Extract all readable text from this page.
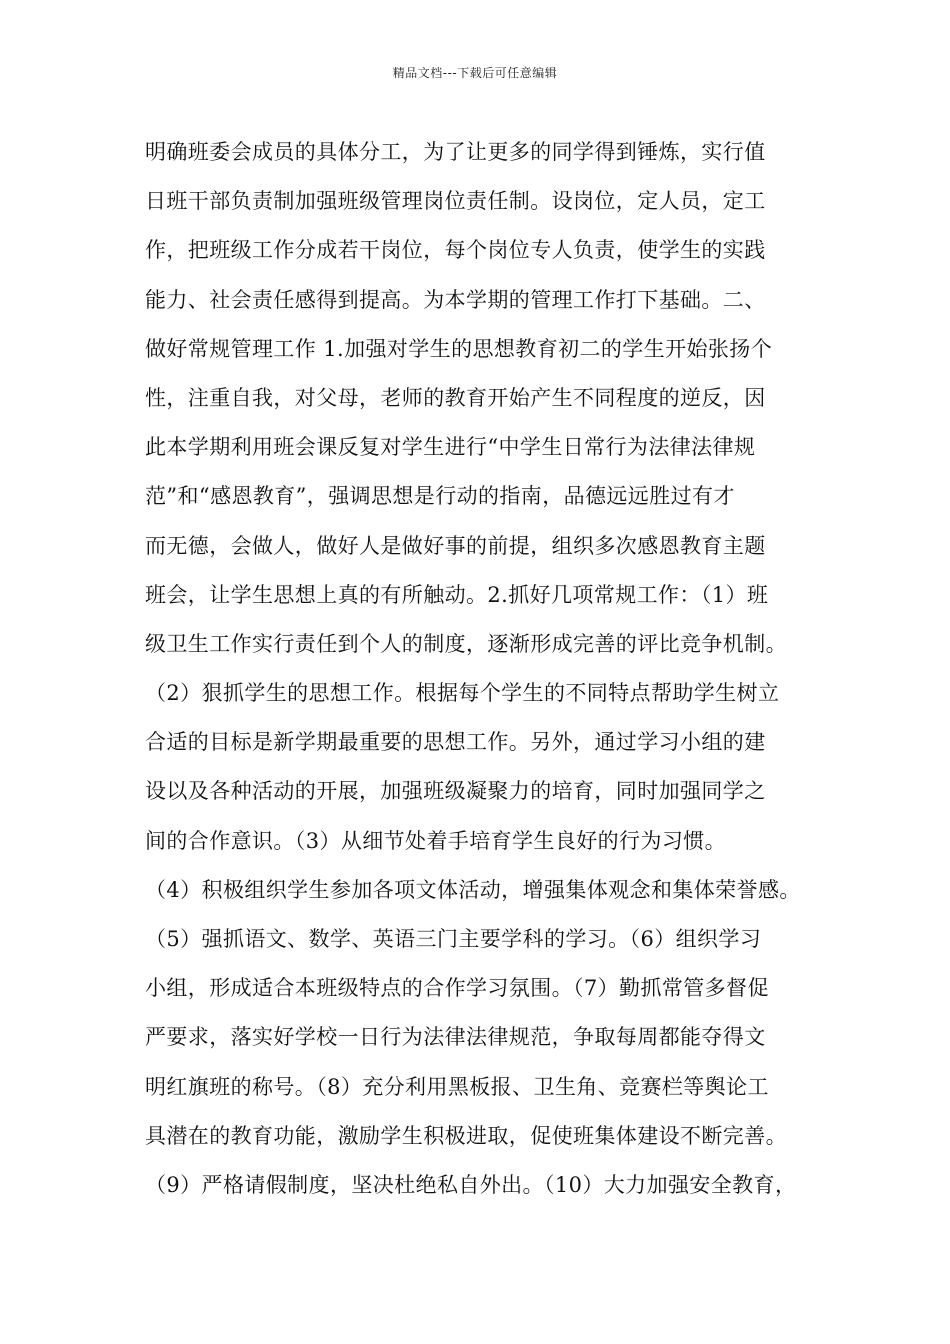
精品文档---下载后可任意编辑
明确班委会成员的具体分工，为了让更多的同学得到锤炼，实行值
日班干部负责制加强班级管理岗位责任制。设岗位，定人员，定工
作，把班级工作分成若干岗位，每个岗位专人负责，使学生的实践
能力、社会责任感得到提高。为本学期的管理工作打下基础。二、
做好常规管理工作 1.加强对学生的思想教育初二的学生开始张扬个
性，注重自我，对父母，老师的教育开始产生不同程度的逆反，因
此本学期利用班会课反复对学生进行“中学生日常行为法律法律规
范”和“感恩教育”，强调思想是行动的指南，品德远远胜过有才
而无德，会做人，做好人是做好事的前提，组织多次感恩教育主题
班会，让学生思想上真的有所触动。2.抓好几项常规工作：（1）班
级卫生工作实行责任到个人的制度，逐渐形成完善的评比竞争机制。
（2）狠抓学生的思想工作。根据每个学生的不同特点帮助学生树立
合适的目标是新学期最重要的思想工作。另外，通过学习小组的建
设以及各种活动的开展，加强班级凝聚力的培育，同时加强同学之
间的合作意识。（3）从细节处着手培育学生良好的行为习惯。
（4）积极组织学生参加各项文体活动，增强集体观念和集体荣誉感。
（5）强抓语文、数学、英语三门主要学科的学习。（6）组织学习
小组，形成适合本班级特点的合作学习氛围。（7）勤抓常管多督促
严要求，落实好学校一日行为法律法律规范，争取每周都能夺得文
明红旗班的称号。（8）充分利用黑板报、卫生角、竞赛栏等舆论工
具潜在的教育功能，激励学生积极进取，促使班集体建设不断完善。
（9）严格请假制度，坚决杜绝私自外出。（10）大力加强安全教育，
